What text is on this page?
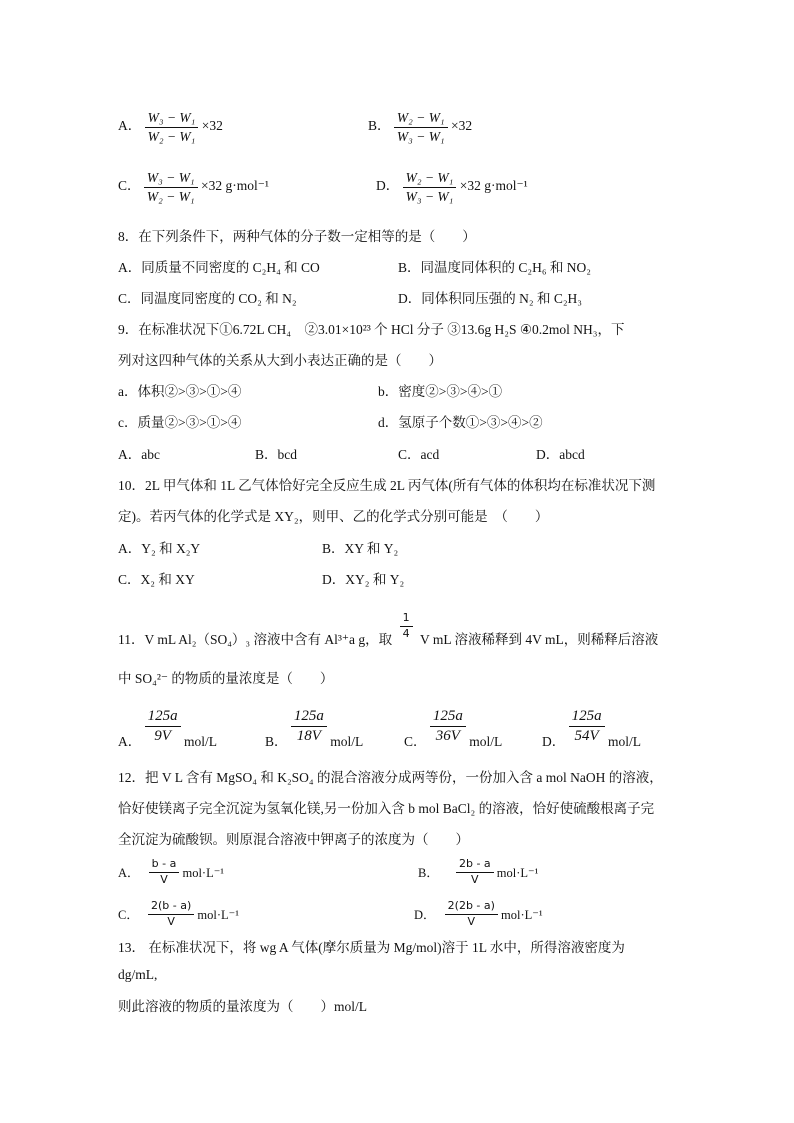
A． $\frac{\text{W₃ − W₁}}{\text{W₂ − W₁}} \times 32$	B． $\frac{\text{W₂ − W₁}}{\text{W₃ − W₁}} \times 32$
C． $\frac{\text{W₃ − W₁}}{\text{W₂ − W₁}} \times 32$ g·mol⁻¹	D． $\frac{\text{W₂ − W₁}}{\text{W₃ − W₁}} \times 32$ g·mol⁻¹
8．在下列条件下，两种气体的分子数一定相等的是（　　）
A．同质量不同密度的 C₂H₄ 和 CO	B．同温度同体积的 C₂H₆ 和 NO₂
C．同温度同密度的 CO₂ 和 N₂	D．同体积同压强的 N₂ 和 C₂H₃
9．在标准状况下①6.72L CH₄　②3.01×10²³ 个 HCl 分子 ③13.6g H₂S ④0.2mol NH₃，下
列对这四种气体的关系从大到小表达正确的是（　　）
a．体积②>③>①>④	b．密度②>③>④>①
c．质量②>③>①>④	d．氢原子个数①>③>④>②
A．abc	B．bcd	C．acd	D．abcd
10．2L 甲气体和 1L 乙气体恰好完全反应生成 2L 丙气体(所有气体的体积均在标准状况下测
定)。若丙气体的化学式是 XY₂，则甲、乙的化学式分别可能是　（　　）
A．Y₂ 和 X₂Y	B．XY 和 Y₂
C．X₂ 和 XY	D．XY₂ 和 Y₂
11．V mL Al₂（SO₄）₃ 溶液中含有 Al³⁺a g，取 $\frac{1}{4}$ V mL 溶液稀释到 4V mL，则稀释后溶液
中 SO₄²⁻ 的物质的量浓度是（　　）
A． $\frac{125a}{9V} mol/L$	B． $\frac{125a}{18V} mol/L$	C． $\frac{125a}{36V} mol/L$	D． $\frac{125a}{54V} mol/L$
12．把 V L 含有 MgSO₄ 和 K₂SO₄ 的混合溶液分成两等份，一份加入含 a mol NaOH 的溶液，
恰好使镁离子完全沉淀为氢氧化镁,另一份加入含 b mol BaCl₂ 的溶液，恰好使硫酸根离子完
全沉淀为硫酸钡。则原混合溶液中钾离子的浓度为（　　）
A． $\frac{b - a}{V} mol\cdot L^{-1}$	B． $\frac{2b - a}{V} mol\cdot L^{-1}$
C． $\frac{2(b - a)}{V} mol\cdot L^{-1}$	D． $\frac{2(2b - a)}{V} mol\cdot L^{-1}$
13． 在标准状况下，将 wg A 气体(摩尔质量为 Mg/mol)溶于 1L 水中，所得溶液密度为
dg/mL,
则此溶液的物质的量浓度为（　　）mol/L
